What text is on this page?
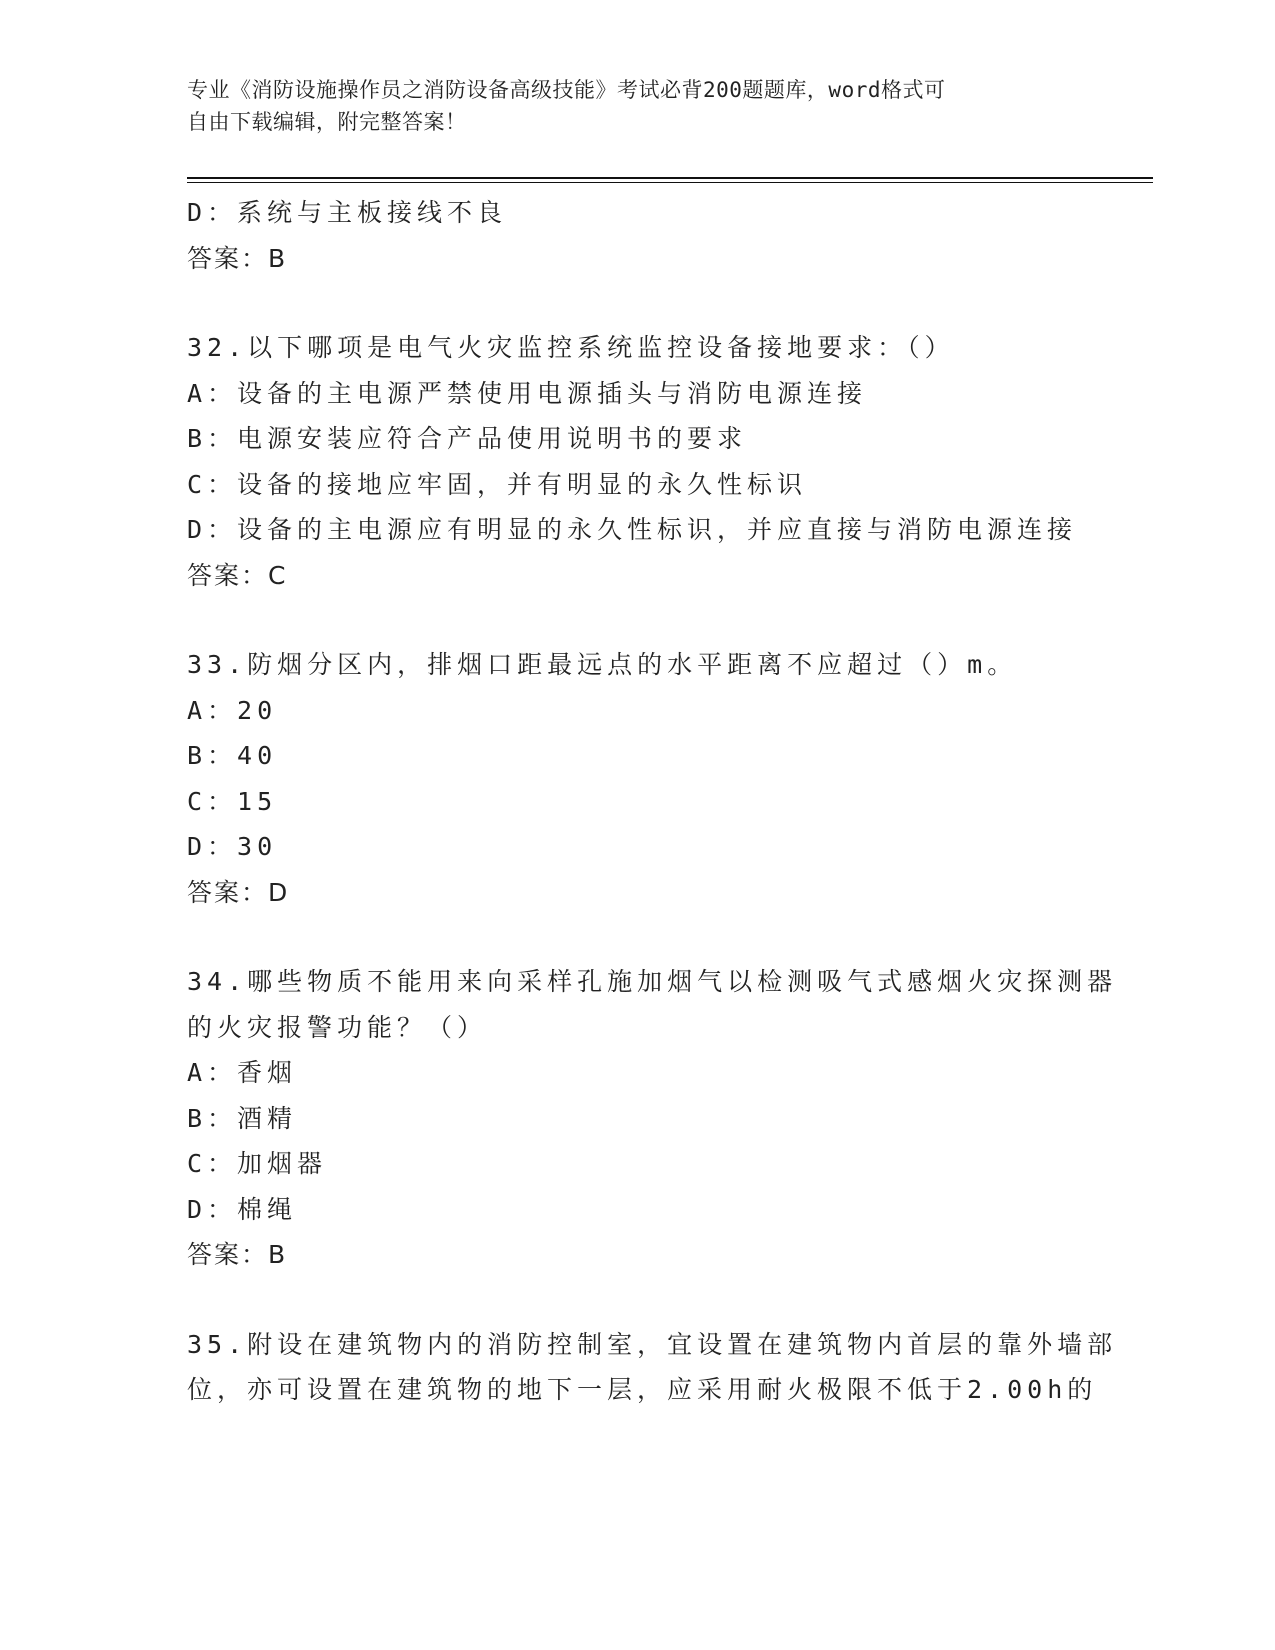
专业《消防设施操作员之消防设备高级技能》考试必背200题题库，word格式可
自由下载编辑，附完整答案！
D：系统与主板接线不良
答案：B
32.以下哪项是电气火灾监控系统监控设备接地要求：（）
A：设备的主电源严禁使用电源插头与消防电源连接
B：电源安装应符合产品使用说明书的要求
C：设备的接地应牢固，并有明显的永久性标识
D：设备的主电源应有明显的永久性标识，并应直接与消防电源连接
答案：C
33.防烟分区内，排烟口距最远点的水平距离不应超过（）m。
A：20
B：40
C：15
D：30
答案：D
34.哪些物质不能用来向采样孔施加烟气以检测吸气式感烟火灾探测器
的火灾报警功能？（）
A：香烟
B：酒精
C：加烟器
D：棉绳
答案：B
35.附设在建筑物内的消防控制室，宜设置在建筑物内首层的靠外墙部
位，亦可设置在建筑物的地下一层，应采用耐火极限不低于2.00h的
